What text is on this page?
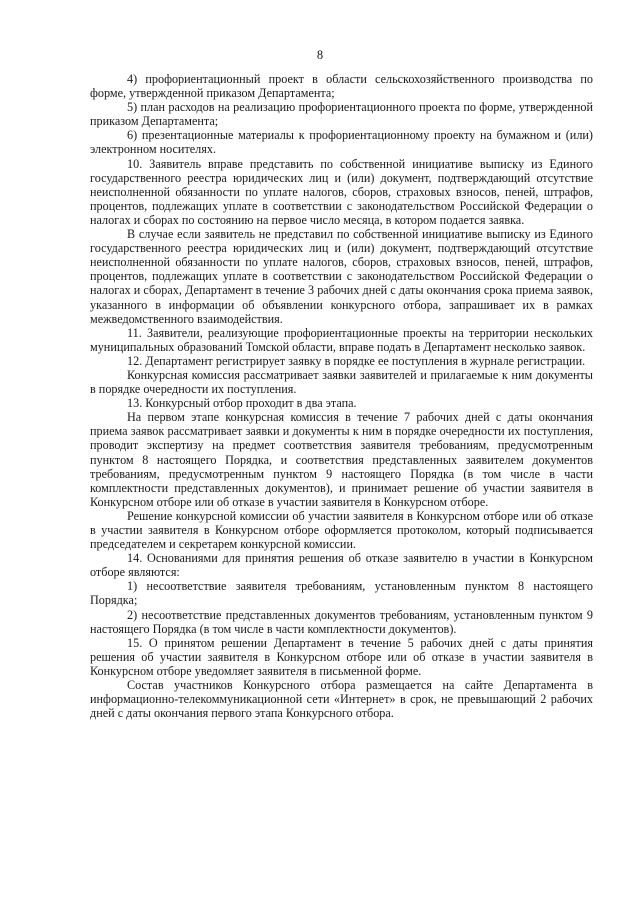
8

4) профориентационный проект в области сельскохозяйственного производства по форме, утвержденной приказом Департамента;

5) план расходов на реализацию профориентационного проекта по форме, утвержденной приказом Департамента;

6) презентационные материалы к профориентационному проекту на бумажном и (или) электронном носителях.

10. Заявитель вправе представить по собственной инициативе выписку из Единого государственного реестра юридических лиц и (или) документ, подтверждающий отсутствие неисполненной обязанности по уплате налогов, сборов, страховых взносов, пеней, штрафов, процентов, подлежащих уплате в соответствии с законодательством Российской Федерации о налогах и сборах по состоянию на первое число месяца, в котором подается заявка.

В случае если заявитель не представил по собственной инициативе выписку из Единого государственного реестра юридических лиц и (или) документ, подтверждающий отсутствие неисполненной обязанности по уплате налогов, сборов, страховых взносов, пеней, штрафов, процентов, подлежащих уплате в соответствии с законодательством Российской Федерации о налогах и сборах, Департамент в течение 3 рабочих дней с даты окончания срока приема заявок, указанного в информации об объявлении конкурсного отбора, запрашивает их в рамках межведомственного взаимодействия.

11. Заявители, реализующие профориентационные проекты на территории нескольких муниципальных образований Томской области, вправе подать в Департамент несколько заявок.

12. Департамент регистрирует заявку в порядке ее поступления в журнале регистрации.

Конкурсная комиссия рассматривает заявки заявителей и прилагаемые к ним документы в порядке очередности их поступления.

13. Конкурсный отбор проходит в два этапа.

На первом этапе конкурсная комиссия в течение 7 рабочих дней с даты окончания приема заявок рассматривает заявки и документы к ним в порядке очередности их поступления, проводит экспертизу на предмет соответствия заявителя требованиям, предусмотренным пунктом 8 настоящего Порядка, и соответствия представленных заявителем документов требованиям, предусмотренным пунктом 9 настоящего Порядка (в том числе в части комплектности представленных документов), и принимает решение об участии заявителя в Конкурсном отборе или об отказе в участии заявителя в Конкурсном отборе.

Решение конкурсной комиссии об участии заявителя в Конкурсном отборе или об отказе в участии заявителя в Конкурсном отборе оформляется протоколом, который подписывается председателем и секретарем конкурсной комиссии.

14. Основаниями для принятия решения об отказе заявителю в участии в Конкурсном отборе являются:

1) несоответствие заявителя требованиям, установленным пунктом 8 настоящего Порядка;

2) несоответствие представленных документов требованиям, установленным пунктом 9 настоящего Порядка (в том числе в части комплектности документов).

15. О принятом решении Департамент в течение 5 рабочих дней с даты принятия решения об участии заявителя в Конкурсном отборе или об отказе в участии заявителя в Конкурсном отборе уведомляет заявителя в письменной форме.

Состав участников Конкурсного отбора размещается на сайте Департамента в информационно-телекоммуникационной сети «Интернет» в срок, не превышающий 2 рабочих дней с даты окончания первого этапа Конкурсного отбора.
